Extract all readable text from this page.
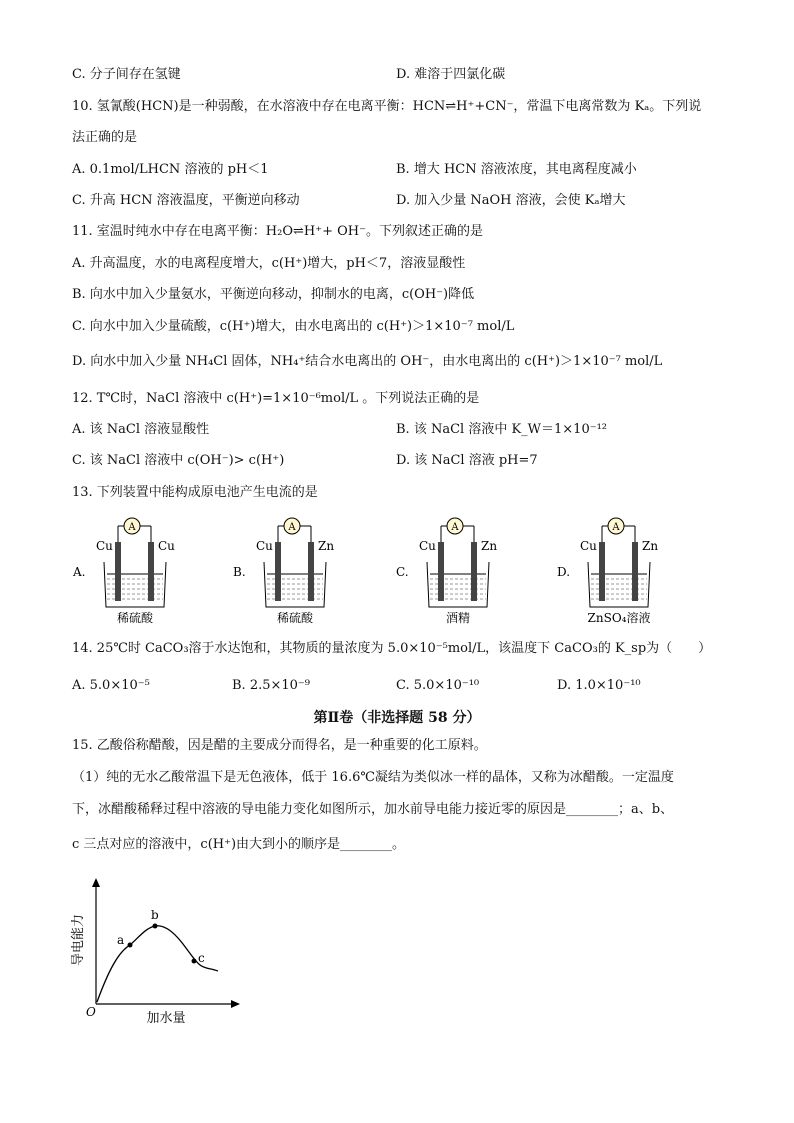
C. 分子间存在氢键	D. 难溶于四氯化碳
10. 氢氰酸(HCN)是一种弱酸，在水溶液中存在电离平衡：HCN⇌H⁺+CN⁻，常温下电离常数为 Kₐ。下列说
法正确的是
A. 0.1mol/LHCN 溶液的 pH＜1	B. 增大 HCN 溶液浓度，其电离程度减小
C. 升高 HCN 溶液温度，平衡逆向移动	D. 加入少量 NaOH 溶液，会使 Kₐ增大
11. 室温时纯水中存在电离平衡：H₂O⇌H⁺+ OH⁻。下列叙述正确的是
A. 升高温度，水的电离程度增大，c(H⁺)增大，pH＜7，溶液显酸性
B. 向水中加入少量氨水，平衡逆向移动，抑制水的电离，c(OH⁻)降低
C. 向水中加入少量硫酸，c(H⁺)增大，由水电离出的 c(H⁺)＞1×10⁻⁷ mol/L
D. 向水中加入少量 NH₄Cl 固体，NH₄⁺结合水电离出的 OH⁻，由水电离出的 c(H⁺)＞1×10⁻⁷ mol/L
12. T℃时，NaCl 溶液中 c(H⁺)=1×10⁻⁶mol/L 。下列说法正确的是
A. 该 NaCl 溶液显酸性	B. 该 NaCl 溶液中 K_W＝1×10⁻¹²
C. 该 NaCl 溶液中 c(OH⁻)> c(H⁺)	D. 该 NaCl 溶液 pH=7
13. 下列装置中能构成原电池产生电流的是
A
Cu	Cu
A.
稀硫酸
A
Cu	Zn
B.
稀硫酸
A
Cu	Zn
C.
酒精
A
Cu	Zn
D.
ZnSO₄溶液
14. 25℃时 CaCO₃溶于水达饱和，其物质的量浓度为 5.0×10⁻⁵mol/L，该温度下 CaCO₃的 K_sp为（　　）
A. 5.0×10⁻⁵	B. 2.5×10⁻⁹	C. 5.0×10⁻¹⁰	D. 1.0×10⁻¹⁰
第Ⅱ卷（非选择题 58 分）
15. 乙酸俗称醋酸，因是醋的主要成分而得名，是一种重要的化工原料。
（1）纯的无水乙酸常温下是无色液体，低于 16.6℃凝结为类似冰一样的晶体，又称为冰醋酸。一定温度
下，冰醋酸稀释过程中溶液的导电能力变化如图所示，加水前导电能力接近零的原因是________；a、b、
c 三点对应的溶液中，c(H⁺)由大到小的顺序是________。
a
b
c
O	加水量
导电能力
